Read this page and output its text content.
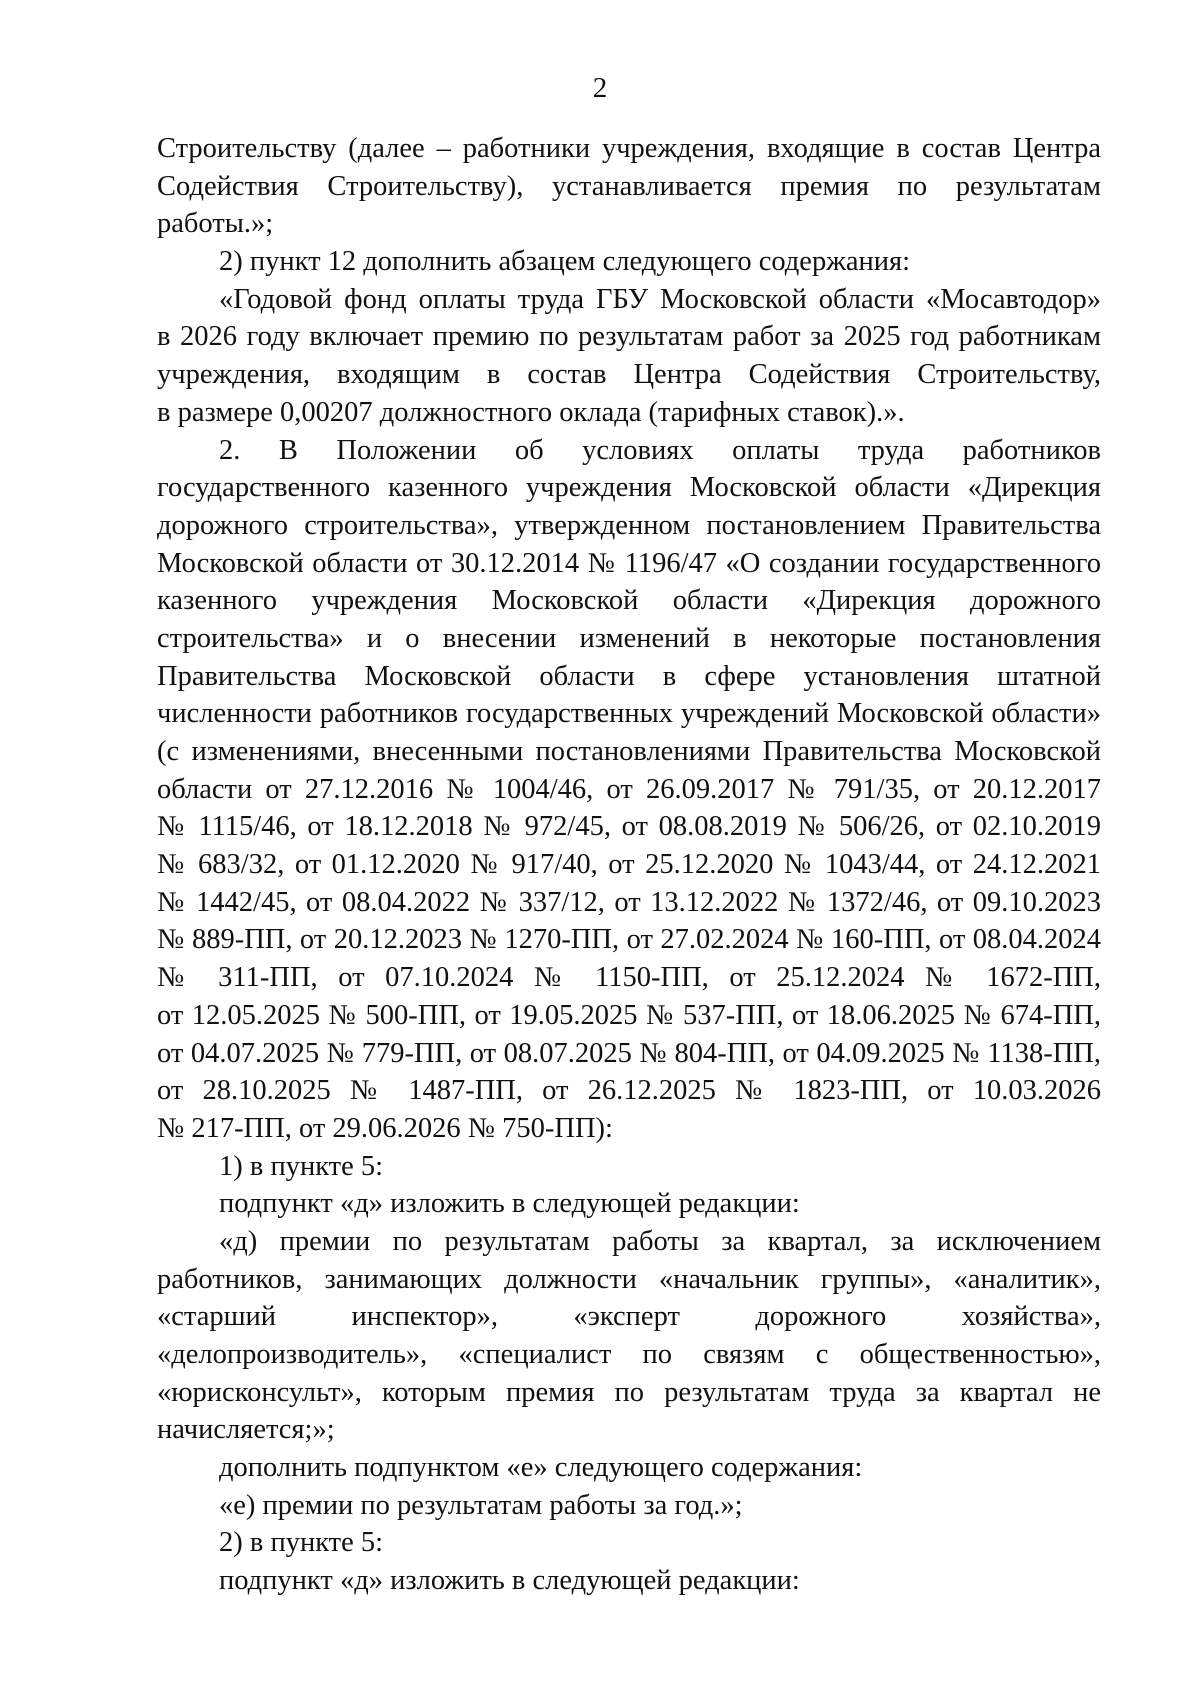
2
Строительству (далее – работники учреждения, входящие в состав Центра
Содействия Строительству), устанавливается премия по результатам
работы.»;
2) пункт 12 дополнить абзацем следующего содержания:
«Годовой фонд оплаты труда ГБУ Московской области «Мосавтодор»
в 2026 году включает премию по результатам работ за 2025 год работникам
учреждения, входящим в состав Центра Содействия Строительству,
в размере 0,00207 должностного оклада (тарифных ставок).».
2. В Положении об условиях оплаты труда работников
государственного казенного учреждения Московской области «Дирекция
дорожного строительства», утвержденном постановлением Правительства
Московской области от 30.12.2014 № 1196/47 «О создании государственного
казенного учреждения Московской области «Дирекция дорожного
строительства» и о внесении изменений в некоторые постановления
Правительства Московской области в сфере установления штатной
численности работников государственных учреждений Московской области»
(с изменениями, внесенными постановлениями Правительства Московской
области от 27.12.2016 № 1004/46, от 26.09.2017 № 791/35, от 20.12.2017
№ 1115/46, от 18.12.2018 № 972/45, от 08.08.2019 № 506/26, от 02.10.2019
№ 683/32, от 01.12.2020 № 917/40, от 25.12.2020 № 1043/44, от 24.12.2021
№ 1442/45, от 08.04.2022 № 337/12, от 13.12.2022 № 1372/46, от 09.10.2023
№ 889-ПП, от 20.12.2023 № 1270-ПП, от 27.02.2024 № 160-ПП, от 08.04.2024
№ 311-ПП, от 07.10.2024 № 1150-ПП, от 25.12.2024 № 1672-ПП,
от 12.05.2025 № 500-ПП, от 19.05.2025 № 537-ПП, от 18.06.2025 № 674-ПП,
от 04.07.2025 № 779-ПП, от 08.07.2025 № 804-ПП, от 04.09.2025 № 1138-ПП,
от 28.10.2025 № 1487-ПП, от 26.12.2025 № 1823-ПП, от 10.03.2026
№ 217-ПП, от 29.06.2026 № 750-ПП):
1) в пункте 5:
подпункт «д» изложить в следующей редакции:
«д) премии по результатам работы за квартал, за исключением
работников, занимающих должности «начальник группы», «аналитик»,
«старший инспектор», «эксперт дорожного хозяйства»,
«делопроизводитель», «специалист по связям с общественностью»,
«юрисконсульт», которым премия по результатам труда за квартал не
начисляется;»;
дополнить подпунктом «е» следующего содержания:
«е) премии по результатам работы за год.»;
2) в пункте 5:
подпункт «д» изложить в следующей редакции:
